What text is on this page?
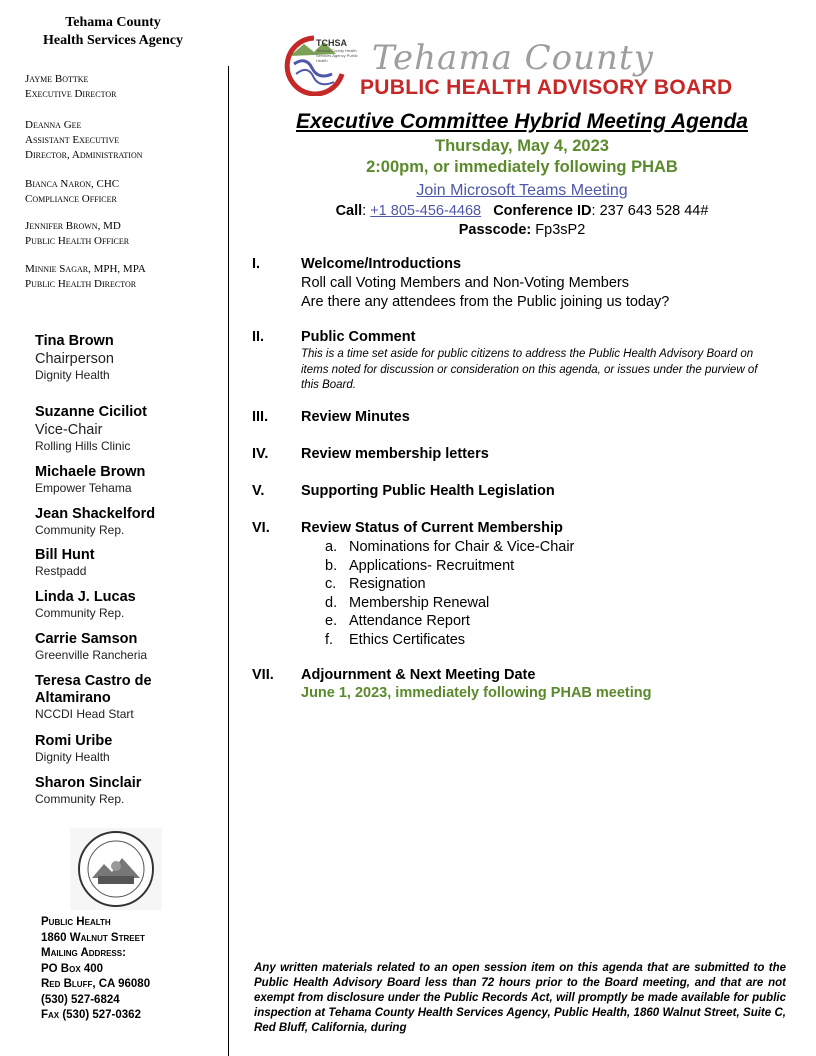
Tehama County
Health Services Agency
Jayme Bottke
Executive Director
Deanna Gee
Assistant Executive
Director, Administration
Bianca Naron, CHC
Compliance Officer
Jennifer Brown, MD
Public Health Officer
Minnie Sagar, MPH, MPA
Public Health Director
Tina Brown
Chairperson
Dignity Health
Suzanne Ciciliot
Vice-Chair
Rolling Hills Clinic
Michaele Brown
Empower Tehama
Jean Shackelford
Community Rep.
Bill Hunt
Restpadd
Linda J. Lucas
Community Rep.
Carrie Samson
Greenville Rancheria
Teresa Castro de Altamirano
NCCDI Head Start
Romi Uribe
Dignity Health
Sharon Sinclair
Community Rep.
Public Health
1860 Walnut Street
Mailing Address:
PO Box 400
Red Bluff, CA 96080
(530) 527-6824
Fax (530) 527-0362
TCHSA
Tehama County Health Services Agency Public Health	Tehama County
PUBLIC HEALTH ADVISORY BOARD
Executive Committee Hybrid Meeting Agenda
Thursday, May 4, 2023
2:00pm, or immediately following PHAB
Join Microsoft Teams Meeting
Call: +1 805-456-4468 Conference ID: 237 643 528 44#
Passcode: Fp3sP2
I.	Welcome/Introductions
Roll call Voting Members and Non-Voting Members
Are there any attendees from the Public joining us today?
II.	Public Comment
This is a time set aside for public citizens to address the Public Health Advisory Board on items noted for discussion or consideration on this agenda, or issues under the purview of this Board.
III. Review Minutes
IV. Review membership letters
V.	Supporting Public Health Legislation
VI. Review Status of Current Membership
a. Nominations for Chair & Vice-Chair
b. Applications- Recruitment
c. Resignation
d. Membership Renewal
e. Attendance Report
f.	Ethics Certificates
VII. Adjournment & Next Meeting Date
June 1, 2023, immediately following PHAB meeting
Any written materials related to an open session item on this agenda that are submitted to the Public Health Advisory Board less than 72 hours prior to the Board meeting, and that are not exempt from disclosure under the Public Records Act, will promptly be made available for public inspection at Tehama County Health Services Agency, Public Health, 1860 Walnut Street, Suite C, Red Bluff, California, during
